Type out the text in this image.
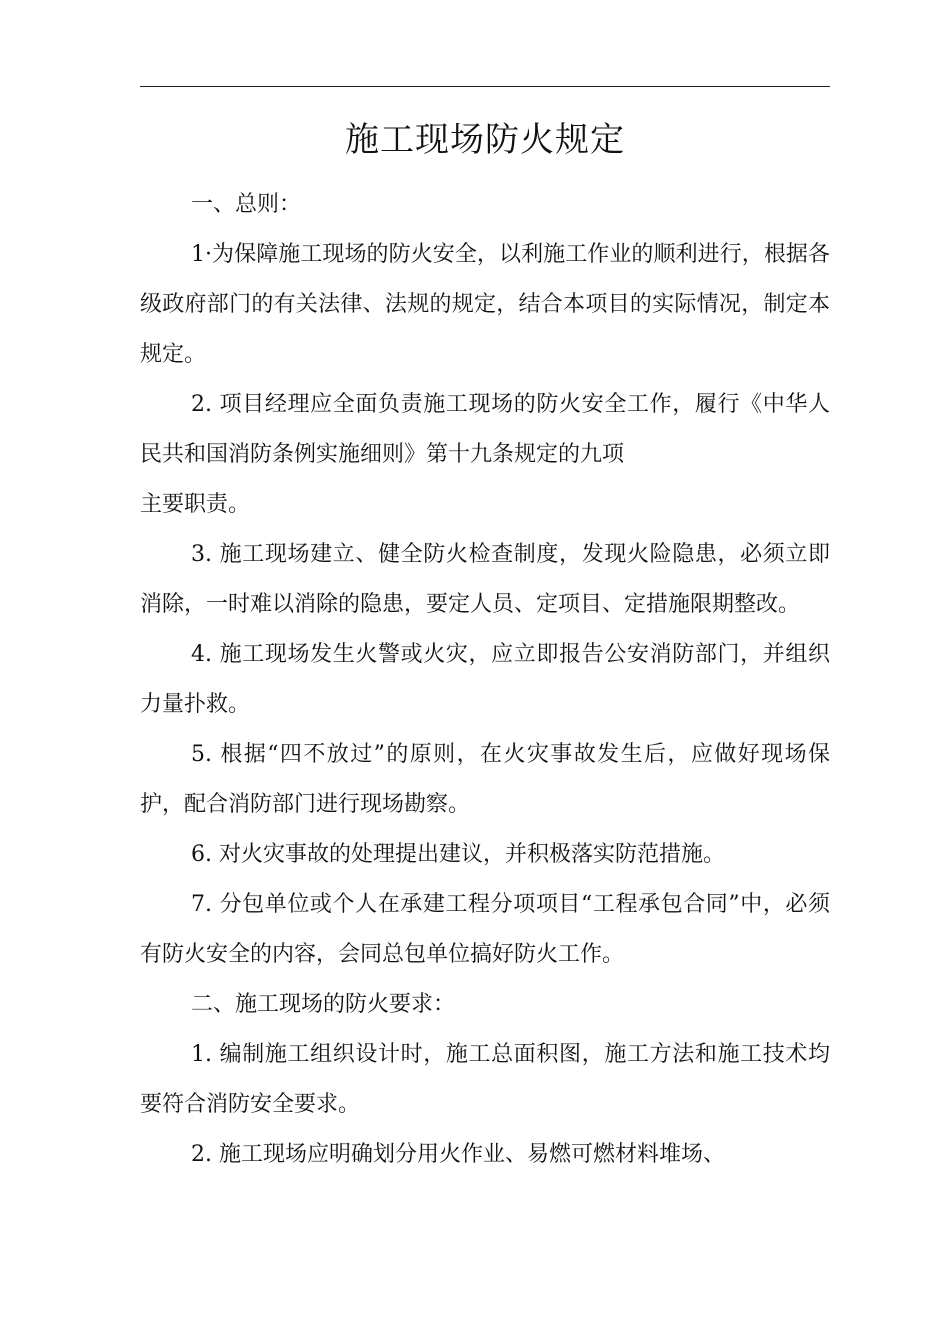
施工现场防火规定

一、总则：

1·为保障施工现场的防火安全，以利施工作业的顺利进行，根据各级政府部门的有关法律、法规的规定，结合本项目的实际情况，制定本规定。

2. 项目经理应全面负责施工现场的防火安全工作，履行《中华人民共和国消防条例实施细则》第十九条规定的九项

主要职责。

3. 施工现场建立、健全防火检查制度，发现火险隐患，必须立即消除，一时难以消除的隐患，要定人员、定项目、定措施限期整改。

4. 施工现场发生火警或火灾，应立即报告公安消防部门，并组织力量扑救。

5. 根据“四不放过”的原则，在火灾事故发生后，应做好现场保护，配合消防部门进行现场勘察。

6. 对火灾事故的处理提出建议，并积极落实防范措施。

7. 分包单位或个人在承建工程分项项目“工程承包合同”中，必须有防火安全的内容，会同总包单位搞好防火工作。

二、施工现场的防火要求：

1. 编制施工组织设计时，施工总面积图，施工方法和施工技术均要符合消防安全要求。

2. 施工现场应明确划分用火作业、易燃可燃材料堆场、
